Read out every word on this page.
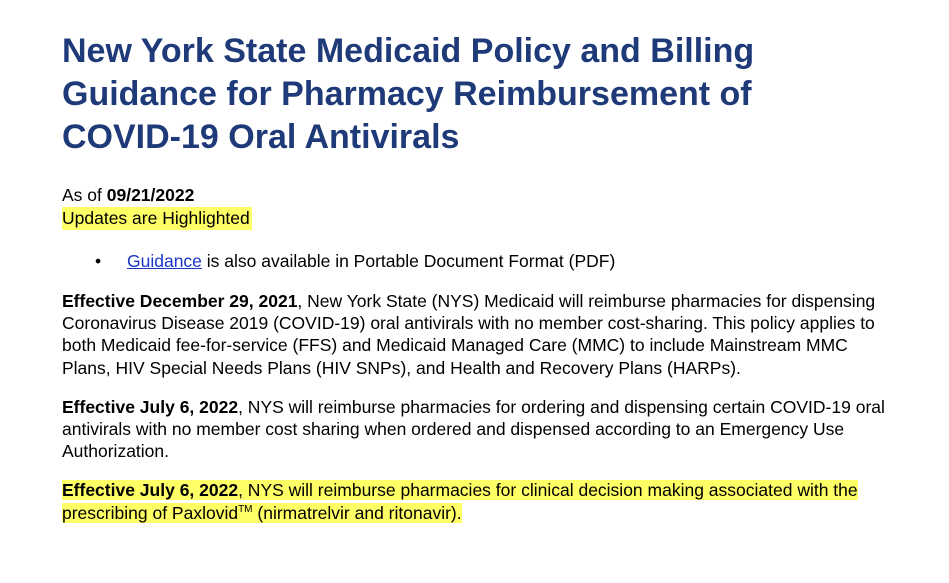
New York State Medicaid Policy and Billing
Guidance for Pharmacy Reimbursement of
COVID-19 Oral Antivirals
As of 09/21/2022
Updates are Highlighted
• Guidance is also available in Portable Document Format (PDF)

Effective December 29, 2021, New York State (NYS) Medicaid will reimburse pharmacies for dispensing Coronavirus Disease 2019 (COVID-19) oral antivirals with no member cost-sharing. This policy applies to both Medicaid fee-for-service (FFS) and Medicaid Managed Care (MMC) to include Mainstream MMC Plans, HIV Special Needs Plans (HIV SNPs), and Health and Recovery Plans (HARPs).

Effective July 6, 2022, NYS will reimburse pharmacies for ordering and dispensing certain COVID-19 oral antivirals with no member cost sharing when ordered and dispensed according to an Emergency Use Authorization.

Effective July 6, 2022, NYS will reimburse pharmacies for clinical decision making associated with the prescribing of Paxlovid™ (nirmatrelvir and ritonavir).
